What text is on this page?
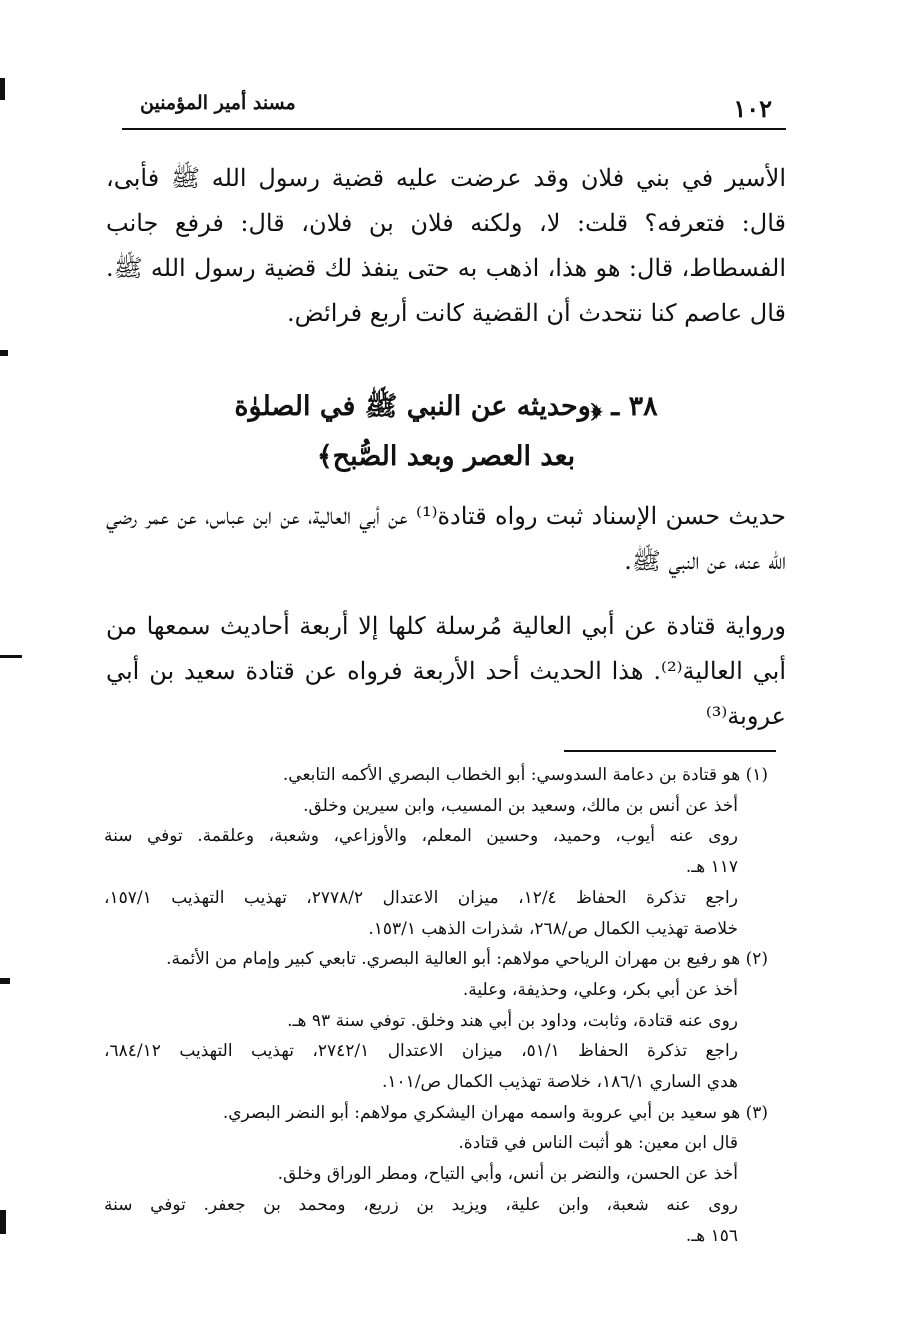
١٠٢
مسند أمير المؤمنين
الأسير في بني فلان وقد عرضت عليه قضية رسول الله ﷺ فأبى، قال: فتعرفه؟ قلت: لا، ولكنه فلان بن فلان، قال: فرفع جانب الفسطاط، قال: هو هذا، اذهب به حتى ينفذ لك قضية رسول الله ﷺ. قال عاصم كنا نتحدث أن القضية كانت أربع فرائض.
٣٨ ـ ﴿وحديثه عن النبي ﷺ في الصلوٰة
بعد العصر وبعد الصُّبح﴾
حديث حسن الإسناد ثبت رواه قتادة⁽¹⁾ عن أبي العالية، عن ابن عباس، عن عمر رضي الله عنه، عن النبي ﷺ.
ورواية قتادة عن أبي العالية مُرسلة كلها إلا أربعة أحاديث سمعها من أبي العالية⁽²⁾. هذا الحديث أحد الأربعة فرواه عن قتادة سعيد بن أبي عروبة⁽³⁾
(١) هو قتادة بن دعامة السدوسي: أبو الخطاب البصري الأكمه التابعي.
أخذ عن أنس بن مالك، وسعيد بن المسيب، وابن سيرين وخلق.
روى عنه أيوب، وحميد، وحسين المعلم، والأوزاعي، وشعبة، وعلقمة. توفي سنة
١١٧ هـ.
راجع تذكرة الحفاظ ١٢/٤، ميزان الاعتدال ٢٧٧٨/٢، تهذيب التهذيب ١٥٧/١،
خلاصة تهذيب الكمال ص/٢٦٨، شذرات الذهب ١٥٣/١.
(٢) هو رفيع بن مهران الرياحي مولاهم: أبو العالية البصري. تابعي كبير وإمام من الأئمة.
أخذ عن أبي بكر، وعلي، وحذيفة، وعلية.
روى عنه قتادة، وثابت، وداود بن أبي هند وخلق. توفي سنة ٩٣ هـ.
راجع تذكرة الحفاظ ٥١/١، ميزان الاعتدال ٢٧٤٢/١، تهذيب التهذيب ٦٨٤/١٢،
هدي الساري ١٨٦/١، خلاصة تهذيب الكمال ص/١٠١.
(٣) هو سعيد بن أبي عروبة واسمه مهران اليشكري مولاهم: أبو النضر البصري.
قال ابن معين: هو أثبت الناس في قتادة.
أخذ عن الحسن، والنضر بن أنس، وأبي التياح، ومطر الوراق وخلق.
روى عنه شعبة، وابن علية، ويزيد بن زريع، ومحمد بن جعفر. توفي سنة
١٥٦ هـ.
